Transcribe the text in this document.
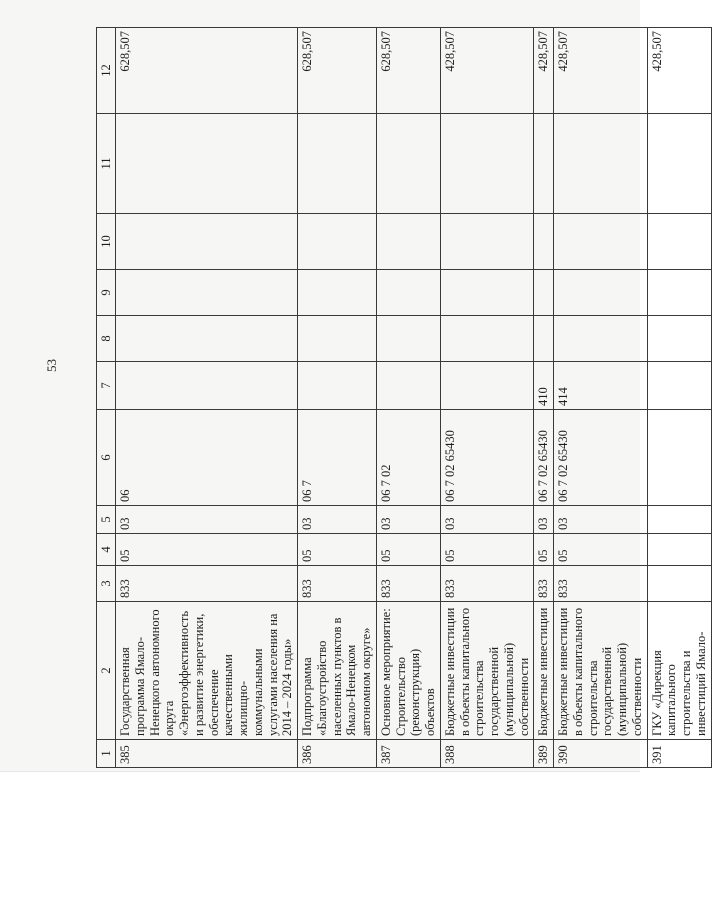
53
1	2	3	4	5	6	7	8	9	10	11	12
385	Государственная программа Ямало-Ненецкого автономного округа «Энергоэффективность и развитие энергетики, обеспечение качественными жилищно-коммунальными услугами населения на 2014 – 2024 годы»	833	05	03	06						628,507
386	Подпрограмма «Благоустройство населенных пунктов в Ямало-Ненецком автономном округе»	833	05	03	06 7						628,507
387	Основное мероприятие: Строительство (реконструкция) объектов	833	05	03	06 7 02						628,507
388	Бюджетные инвестиции в объекты капитального строительства государственной (муниципальной) собственности	833	05	03	06 7 02 65430						428,507
389	Бюджетные инвестиции	833	05	03	06 7 02 65430	410					428,507
390	Бюджетные инвестиции в объекты капитального строительства государственной (муниципальной) собственности	833	05	03	06 7 02 65430	414					428,507
391	ГКУ «Дирекция капитального строительства и инвестиций Ямало-										428,507
